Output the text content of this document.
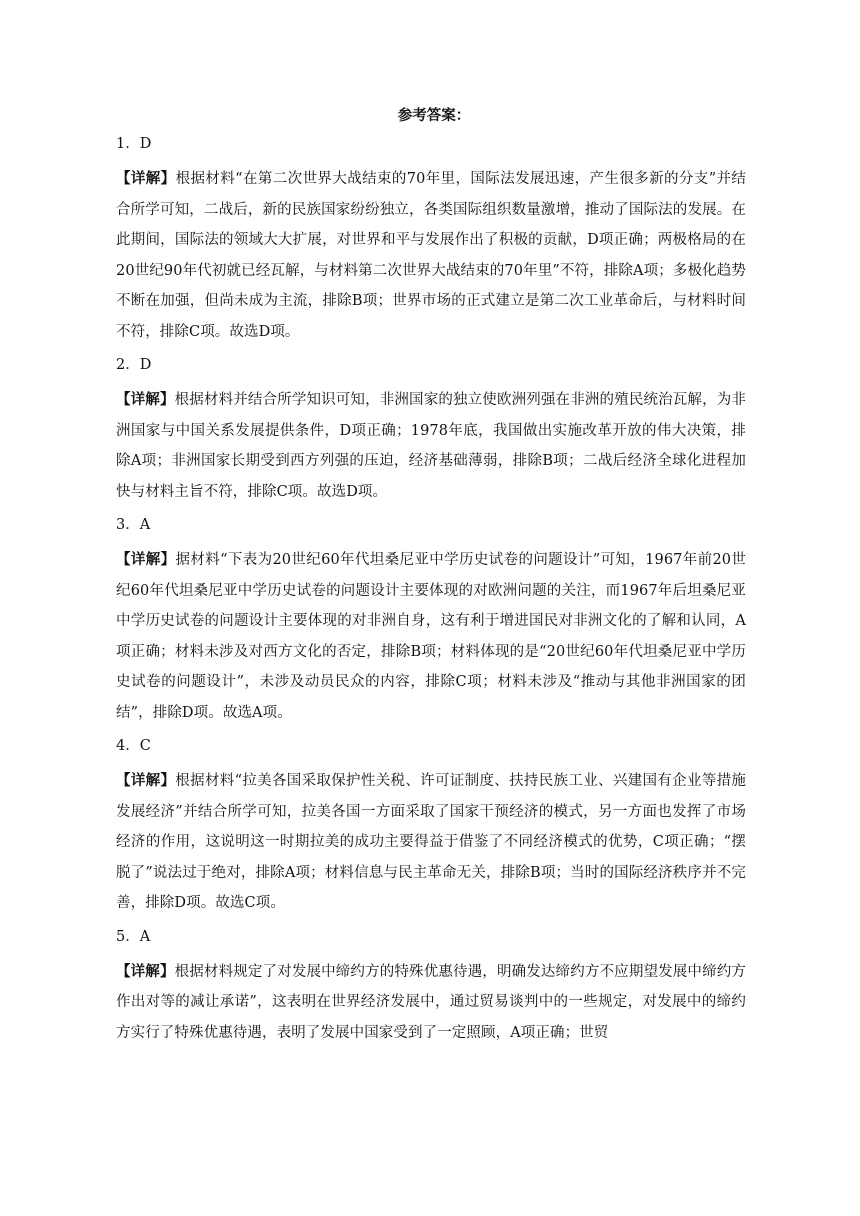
参考答案：
1．D
【详解】根据材料“在第二次世界大战结束的70年里，国际法发展迅速，产生很多新的分支”并结合所学可知，二战后，新的民族国家纷纷独立，各类国际组织数量激增，推动了国际法的发展。在此期间，国际法的领域大大扩展，对世界和平与发展作出了积极的贡献，D项正确；两极格局的在20世纪90年代初就已经瓦解，与材料第二次世界大战结束的70年里”不符，排除A项；多极化趋势不断在加强，但尚未成为主流，排除B项；世界市场的正式建立是第二次工业革命后，与材料时间不符，排除C项。故选D项。
2．D
【详解】根据材料并结合所学知识可知，非洲国家的独立使欧洲列强在非洲的殖民统治瓦解，为非洲国家与中国关系发展提供条件，D项正确；1978年底，我国做出实施改革开放的伟大决策，排除A项；非洲国家长期受到西方列强的压迫，经济基础薄弱，排除B项；二战后经济全球化进程加快与材料主旨不符，排除C项。故选D项。
3．A
【详解】据材料“下表为20世纪60年代坦桑尼亚中学历史试卷的问题设计”可知，1967年前20世纪60年代坦桑尼亚中学历史试卷的问题设计主要体现的对欧洲问题的关注，而1967年后坦桑尼亚中学历史试卷的问题设计主要体现的对非洲自身，这有利于增进国民对非洲文化的了解和认同，A项正确；材料未涉及对西方文化的否定，排除B项；材料体现的是“20世纪60年代坦桑尼亚中学历史试卷的问题设计”，未涉及动员民众的内容，排除C项；材料未涉及“推动与其他非洲国家的团结”，排除D项。故选A项。
4．C
【详解】根据材料“拉美各国采取保护性关税、许可证制度、扶持民族工业、兴建国有企业等措施发展经济”并结合所学可知，拉美各国一方面采取了国家干预经济的模式，另一方面也发挥了市场经济的作用，这说明这一时期拉美的成功主要得益于借鉴了不同经济模式的优势，C项正确；“摆脱了”说法过于绝对，排除A项；材料信息与民主革命无关，排除B项；当时的国际经济秩序并不完善，排除D项。故选C项。
5．A
【详解】根据材料规定了对发展中缔约方的特殊优惠待遇，明确发达缔约方不应期望发展中缔约方作出对等的减让承诺”，这表明在世界经济发展中，通过贸易谈判中的一些规定，对发展中的缔约方实行了特殊优惠待遇，表明了发展中国家受到了一定照顾，A项正确；世贸
